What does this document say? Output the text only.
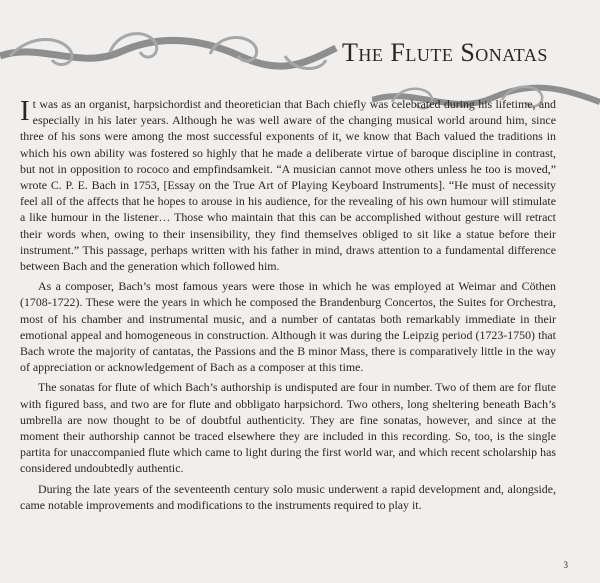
The Flute Sonatas

It was as an organist, harpsichordist and theoretician that Bach chiefly was celebrated during his lifetime, and especially in his later years. Although he was well aware of the changing musical world around him, since three of his sons were among the most successful exponents of it, we know that Bach valued the traditions in which his own ability was fostered so highly that he made a deliberate virtue of baroque discipline in contrast, but not in opposition to rococo and empfindsamkeit. “A musician cannot move others unless he too is moved,” wrote C. P. E. Bach in 1753, [Essay on the True Art of Playing Keyboard Instruments]. “He must of necessity feel all of the affects that he hopes to arouse in his audience, for the revealing of his own humour will stimulate a like humour in the listener… Those who maintain that this can be accomplished without gesture will retract their words when, owing to their insensibility, they find themselves obliged to sit like a statue before their instrument.” This passage, perhaps written with his father in mind, draws attention to a fundamental difference between Bach and the generation which followed him.

As a composer, Bach’s most famous years were those in which he was employed at Weimar and Cöthen (1708-1722). These were the years in which he composed the Brandenburg Concertos, the Suites for Orchestra, most of his chamber and instrumental music, and a number of cantatas both remarkably immediate in their emotional appeal and homogeneous in construction. Although it was during the Leipzig period (1723-1750) that Bach wrote the majority of cantatas, the Passions and the B minor Mass, there is comparatively little in the way of appreciation or acknowledgement of Bach as a composer at this time.

The sonatas for flute of which Bach’s authorship is undisputed are four in number. Two of them are for flute with figured bass, and two are for flute and obbligato harpsichord. Two others, long sheltering beneath Bach’s umbrella are now thought to be of doubtful authenticity. They are fine sonatas, however, and since at the moment their authorship cannot be traced elsewhere they are included in this recording. So, too, is the single partita for unaccompanied flute which came to light during the first world war, and which recent scholarship has considered undoubtedly authentic.

During the late years of the seventeenth century solo music underwent a rapid development and, alongside, came notable improvements and modifications to the instruments required to play it.

3
